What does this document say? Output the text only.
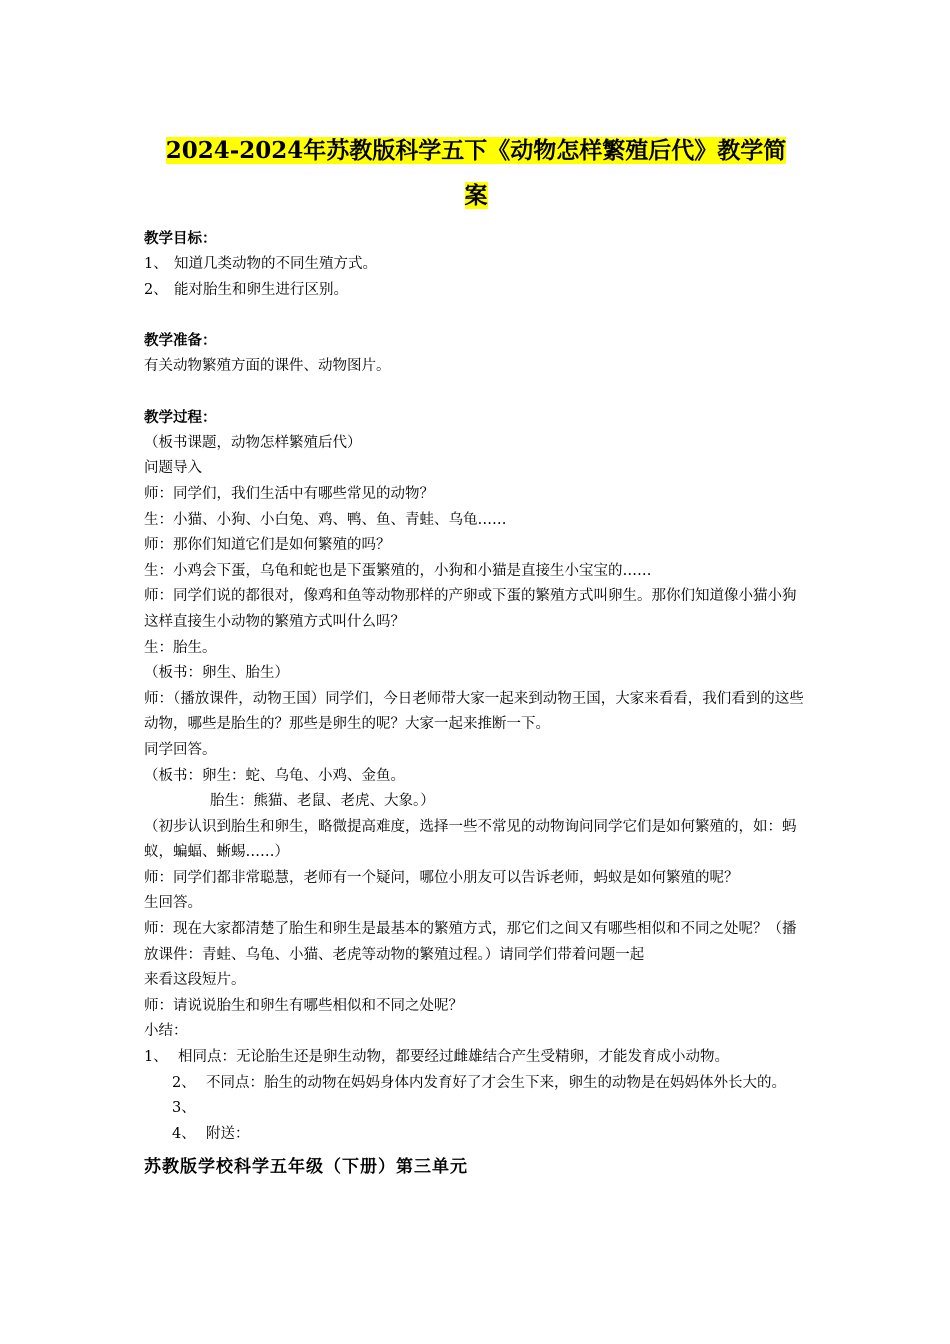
2024-2024年苏教版科学五下《动物怎样繁殖后代》教学简
案
教学目标：
1、 知道几类动物的不同生殖方式。
2、 能对胎生和卵生进行区别。
教学准备：
有关动物繁殖方面的课件、动物图片。
教学过程：
（板书课题，动物怎样繁殖后代）
问题导入
师：同学们，我们生活中有哪些常见的动物？
生：小猫、小狗、小白兔、鸡、鸭、鱼、青蛙、乌龟……
师：那你们知道它们是如何繁殖的吗？
生：小鸡会下蛋，乌龟和蛇也是下蛋繁殖的，小狗和小猫是直接生小宝宝的……
师：同学们说的都很对，像鸡和鱼等动物那样的产卵或下蛋的繁殖方式叫卵生。那你们知道像小猫小狗这样直接生小动物的繁殖方式叫什么吗？
生：胎生。
（板书：卵生、胎生）
师：（播放课件，动物王国）同学们，今日老师带大家一起来到动物王国，大家来看看，我们看到的这些动物，哪些是胎生的？那些是卵生的呢？大家一起来推断一下。
同学回答。
（板书：卵生：蛇、乌龟、小鸡、金鱼。
胎生：熊猫、老鼠、老虎、大象。）
（初步认识到胎生和卵生，略微提高难度，选择一些不常见的动物询问同学它们是如何繁殖的，如：蚂蚁，蝙蝠、蜥蜴……）
师：同学们都非常聪慧，老师有一个疑问，哪位小朋友可以告诉老师，蚂蚁是如何繁殖的呢？
生回答。
师：现在大家都清楚了胎生和卵生是最基本的繁殖方式，那它们之间又有哪些相似和不同之处呢？（播放课件：青蛙、乌龟、小猫、老虎等动物的繁殖过程。）请同学们带着问题一起
来看这段短片。
师：请说说胎生和卵生有哪些相似和不同之处呢？
小结：
1、 相同点：无论胎生还是卵生动物，都要经过雌雄结合产生受精卵，才能发育成小动物。
2、 不同点：胎生的动物在妈妈身体内发育好了才会生下来，卵生的动物是在妈妈体外长大的。
3、
4、 附送：
苏教版学校科学五年级（下册）第三单元
